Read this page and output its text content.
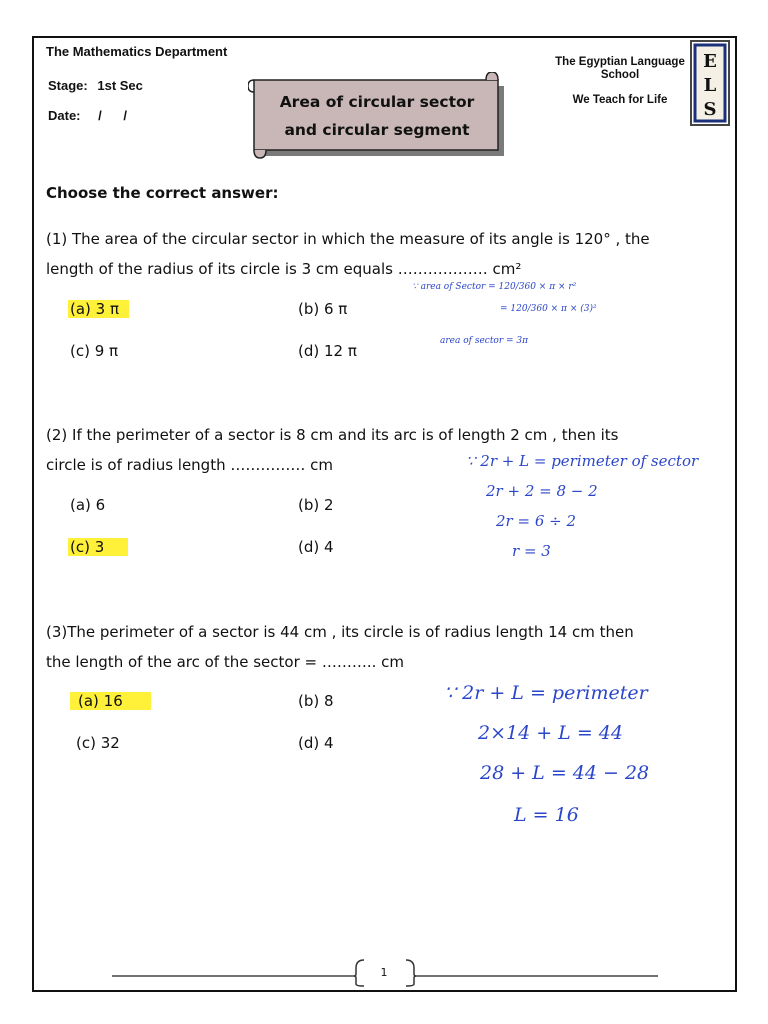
The Mathematics Department
Stage: 1st Sec
Date: / /
Area of circular sector
and circular segment
The Egyptian Language School
We Teach for Life
E
L
S
Choose the correct answer:
(1) The area of the circular sector in which the measure of its angle is 120° , the
length of the radius of its circle is 3 cm equals ……………… cm²
(a) 3 π	(b) 6 π
(c) 9 π	(d) 12 π
∵ area of Sector = 120/360 × π × r²
= 120/360 × π × (3)²
area of sector = 3π
(2) If the perimeter of a sector is 8 cm and its arc is of length 2 cm , then its
circle is of radius length …………… cm
(a) 6	(b) 2
(c) 3	(d) 4
∵ 2r + L = perimeter of sector
2r + 2 = 8 − 2
2r = 6 ÷ 2
r = 3
(3)The perimeter of a sector is 44 cm , its circle is of radius length 14 cm then
the length of the arc of the sector = ……….. cm
(a) 16	(b) 8
(c) 32	(d) 4
∵ 2r + L = perimeter
2×14 + L = 44
28 + L = 44 − 28
L = 16
1
